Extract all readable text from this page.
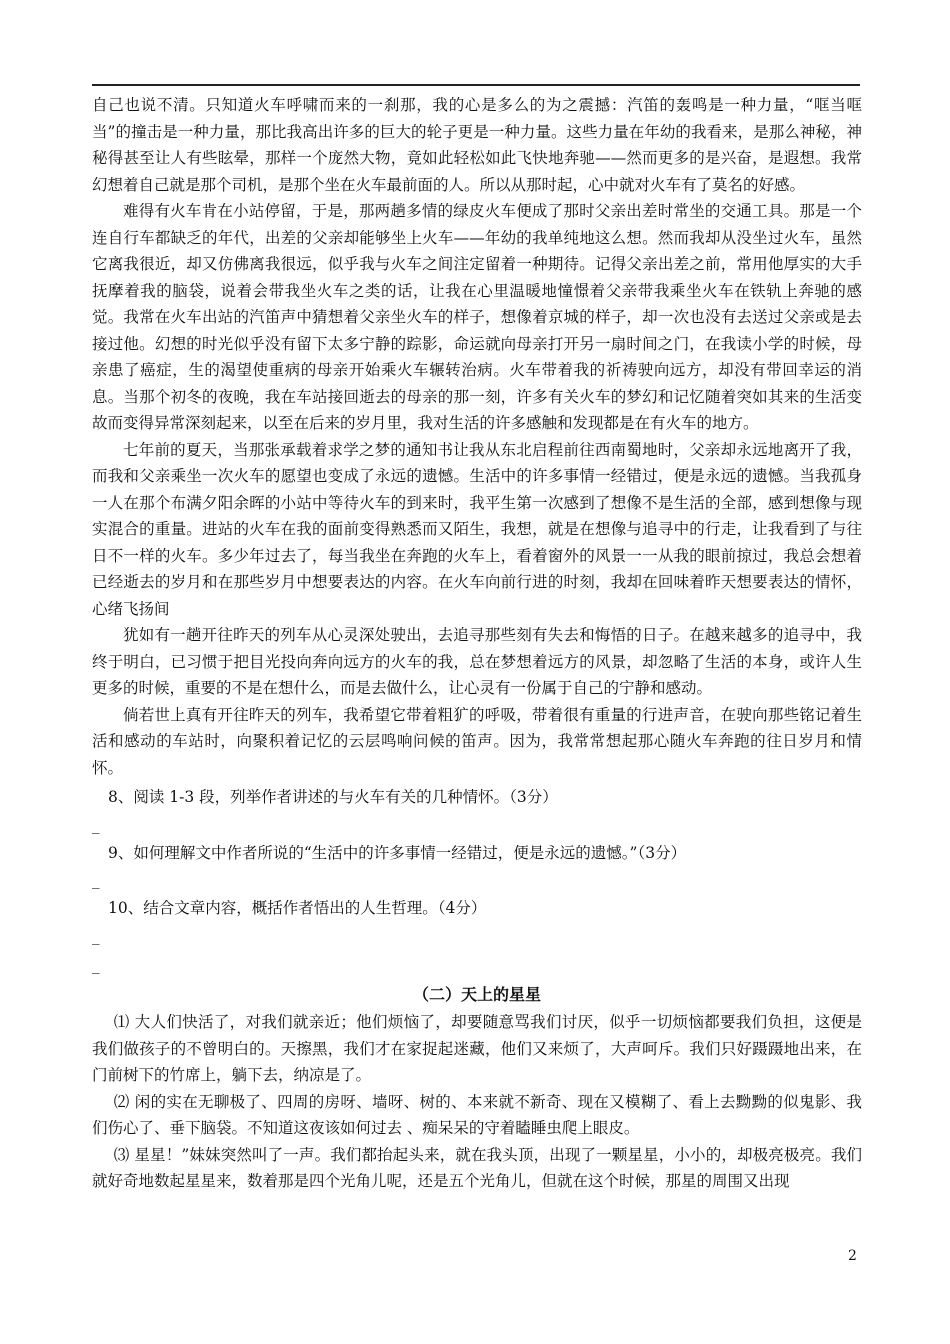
自己也说不清。只知道火车呼啸而来的一刹那，我的心是多么的为之震撼：汽笛的轰鸣是一种力量，“哐当哐当”的撞击是一种力量，那比我高出许多的巨大的轮子更是一种力量。这些力量在年幼的我看来，是那么神秘，神秘得甚至让人有些眩晕，那样一个庞然大物，竟如此轻松如此飞快地奔驰——然而更多的是兴奋，是遐想。我常幻想着自己就是那个司机，是那个坐在火车最前面的人。所以从那时起，心中就对火车有了莫名的好感。

难得有火车肯在小站停留，于是，那两趟多情的绿皮火车便成了那时父亲出差时常坐的交通工具。那是一个连自行车都缺乏的年代，出差的父亲却能够坐上火车——年幼的我单纯地这么想。然而我却从没坐过火车，虽然它离我很近，却又仿佛离我很远，似乎我与火车之间注定留着一种期待。记得父亲出差之前，常用他厚实的大手抚摩着我的脑袋，说着会带我坐火车之类的话，让我在心里温暖地憧憬着父亲带我乘坐火车在铁轨上奔驰的感觉。我常在火车出站的汽笛声中猜想着父亲坐火车的样子，想像着京城的样子，却一次也没有去送过父亲或是去接过他。幻想的时光似乎没有留下太多宁静的踪影，命运就向母亲打开另一扇时间之门，在我读小学的时候，母亲患了癌症，生的渴望使重病的母亲开始乘火车辗转治病。火车带着我的祈祷驶向远方，却没有带回幸运的消息。当那个初冬的夜晚，我在车站接回逝去的母亲的那一刻，许多有关火车的梦幻和记忆随着突如其来的生活变故而变得异常深刻起来，以至在后来的岁月里，我对生活的许多感触和发现都是在有火车的地方。

七年前的夏天，当那张承载着求学之梦的通知书让我从东北启程前往西南蜀地时，父亲却永远地离开了我，而我和父亲乘坐一次火车的愿望也变成了永远的遗憾。生活中的许多事情一经错过，便是永远的遗憾。当我孤身一人在那个布满夕阳余晖的小站中等待火车的到来时，我平生第一次感到了想像不是生活的全部，感到想像与现实混合的重量。进站的火车在我的面前变得熟悉而又陌生，我想，就是在想像与追寻中的行走，让我看到了与往日不一样的火车。多少年过去了，每当我坐在奔跑的火车上，看着窗外的风景一一从我的眼前掠过，我总会想着已经逝去的岁月和在那些岁月中想要表达的内容。在火车向前行进的时刻，我却在回味着昨天想要表达的情怀，心绪飞扬间

犹如有一趟开往昨天的列车从心灵深处驶出，去追寻那些刻有失去和悔悟的日子。在越来越多的追寻中，我终于明白，已习惯于把目光投向奔向远方的火车的我，总在梦想着远方的风景，却忽略了生活的本身，或许人生更多的时候，重要的不是在想什么，而是去做什么，让心灵有一份属于自己的宁静和感动。

倘若世上真有开往昨天的列车，我希望它带着粗犷的呼吸，带着很有重量的行进声音，在驶向那些铭记着生活和感动的车站时，向聚积着记忆的云层鸣响问候的笛声。因为，我常常想起那心随火车奔跑的往日岁月和情怀。

8、阅读 1-3 段，列举作者讲述的与火车有关的几种情怀。（3分）

_

9、如何理解文中作者所说的“生活中的许多事情一经错过，便是永远的遗憾。”（3分）

_

10、结合文章内容，概括作者悟出的人生哲理。（4分）

_
_
（二）天上的星星

⑴ 大人们快活了，对我们就亲近；他们烦恼了，却要随意骂我们讨厌，似乎一切烦恼都要我们负担，这便是我们做孩子的不曾明白的。天擦黑，我们才在家捉起迷藏，他们又来烦了，大声呵斥。我们只好蹑蹑地出来，在门前树下的竹席上，躺下去，纳凉是了。

⑵ 闲的实在无聊极了、四周的房呀、墙呀、树的、本来就不新奇、现在又模糊了、看上去黝黝的似鬼影、我们伤心了、垂下脑袋。不知道这夜该如何过去 、痴呆呆的守着瞌睡虫爬上眼皮。

⑶ 星星！”妹妹突然叫了一声。我们都抬起头来，就在我头顶，出现了一颗星星，小小的，却极亮极亮。我们就好奇地数起星星来，数着那是四个光角儿呢，还是五个光角儿，但就在这个时候，那星的周围又出现

2
